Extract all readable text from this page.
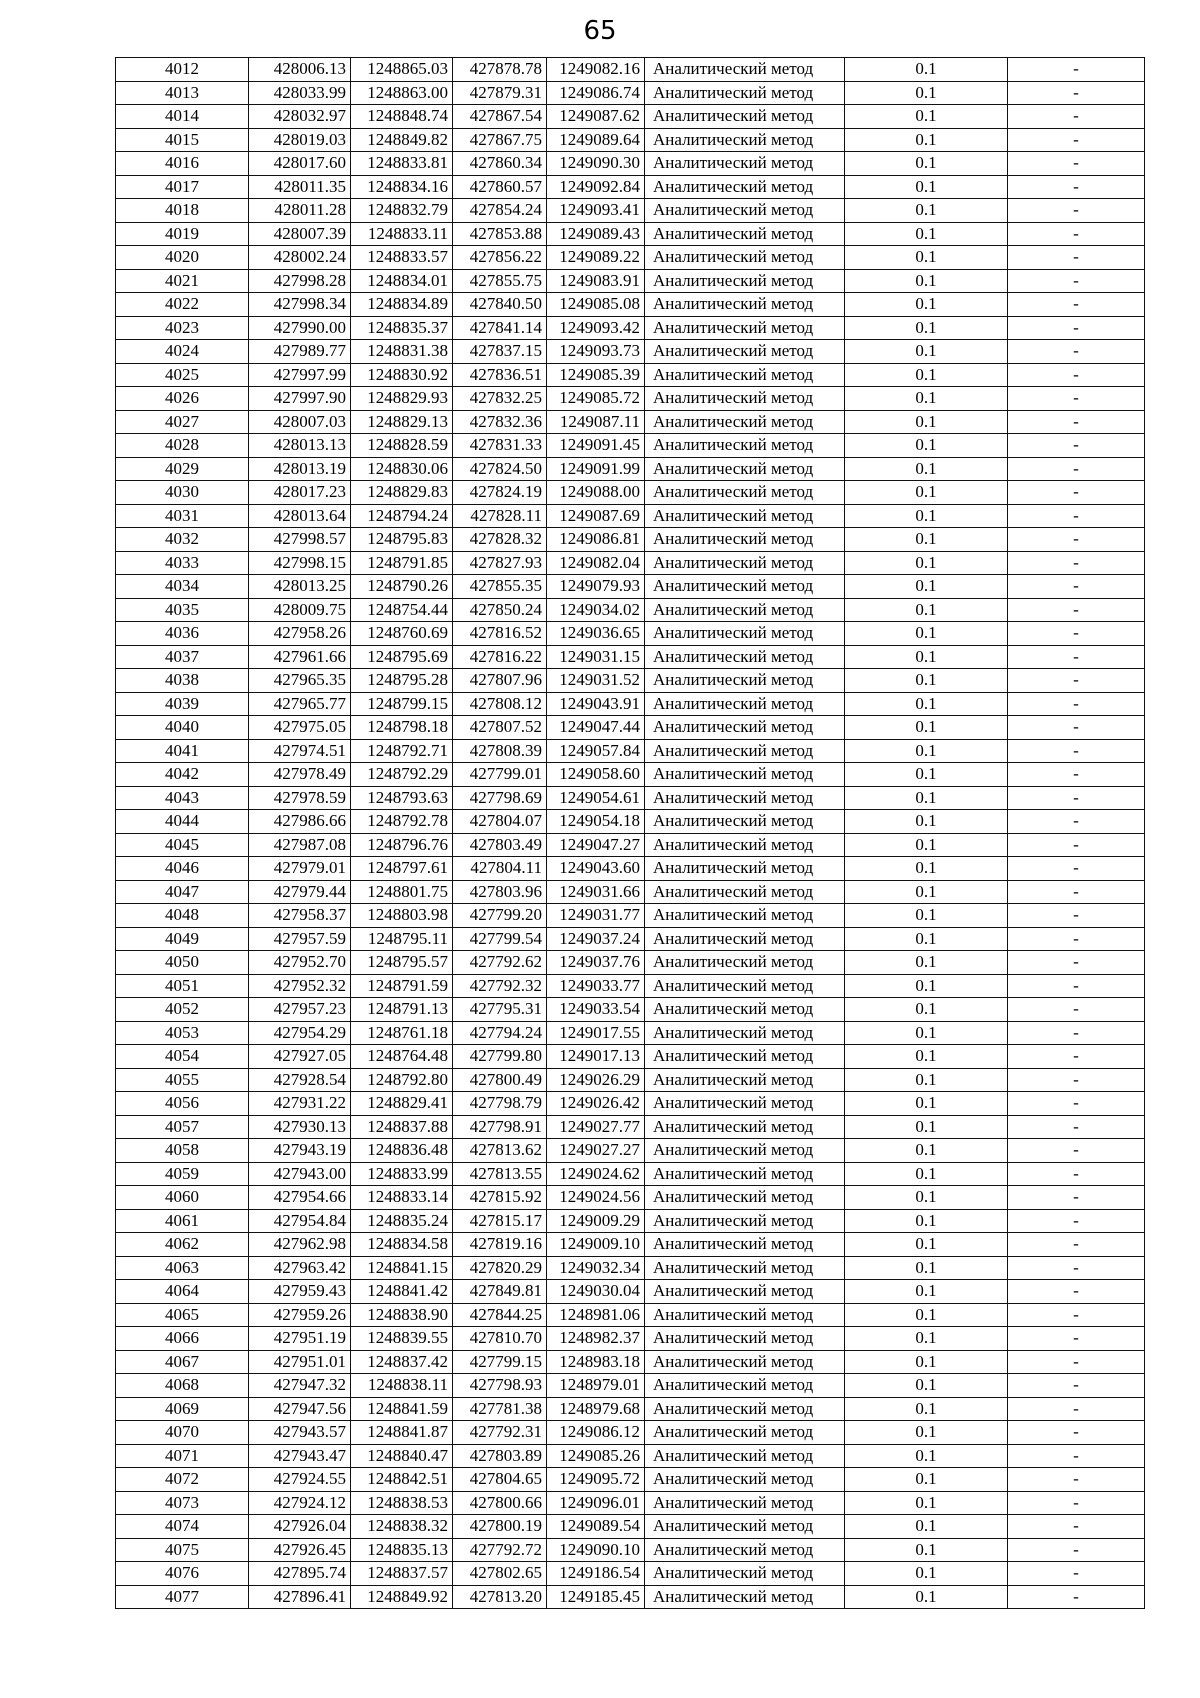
65
4012	428006.13	1248865.03	427878.78	1249082.16	Аналитический метод	0.1	-
4013	428033.99	1248863.00	427879.31	1249086.74	Аналитический метод	0.1	-
4014	428032.97	1248848.74	427867.54	1249087.62	Аналитический метод	0.1	-
4015	428019.03	1248849.82	427867.75	1249089.64	Аналитический метод	0.1	-
4016	428017.60	1248833.81	427860.34	1249090.30	Аналитический метод	0.1	-
4017	428011.35	1248834.16	427860.57	1249092.84	Аналитический метод	0.1	-
4018	428011.28	1248832.79	427854.24	1249093.41	Аналитический метод	0.1	-
4019	428007.39	1248833.11	427853.88	1249089.43	Аналитический метод	0.1	-
4020	428002.24	1248833.57	427856.22	1249089.22	Аналитический метод	0.1	-
4021	427998.28	1248834.01	427855.75	1249083.91	Аналитический метод	0.1	-
4022	427998.34	1248834.89	427840.50	1249085.08	Аналитический метод	0.1	-
4023	427990.00	1248835.37	427841.14	1249093.42	Аналитический метод	0.1	-
4024	427989.77	1248831.38	427837.15	1249093.73	Аналитический метод	0.1	-
4025	427997.99	1248830.92	427836.51	1249085.39	Аналитический метод	0.1	-
4026	427997.90	1248829.93	427832.25	1249085.72	Аналитический метод	0.1	-
4027	428007.03	1248829.13	427832.36	1249087.11	Аналитический метод	0.1	-
4028	428013.13	1248828.59	427831.33	1249091.45	Аналитический метод	0.1	-
4029	428013.19	1248830.06	427824.50	1249091.99	Аналитический метод	0.1	-
4030	428017.23	1248829.83	427824.19	1249088.00	Аналитический метод	0.1	-
4031	428013.64	1248794.24	427828.11	1249087.69	Аналитический метод	0.1	-
4032	427998.57	1248795.83	427828.32	1249086.81	Аналитический метод	0.1	-
4033	427998.15	1248791.85	427827.93	1249082.04	Аналитический метод	0.1	-
4034	428013.25	1248790.26	427855.35	1249079.93	Аналитический метод	0.1	-
4035	428009.75	1248754.44	427850.24	1249034.02	Аналитический метод	0.1	-
4036	427958.26	1248760.69	427816.52	1249036.65	Аналитический метод	0.1	-
4037	427961.66	1248795.69	427816.22	1249031.15	Аналитический метод	0.1	-
4038	427965.35	1248795.28	427807.96	1249031.52	Аналитический метод	0.1	-
4039	427965.77	1248799.15	427808.12	1249043.91	Аналитический метод	0.1	-
4040	427975.05	1248798.18	427807.52	1249047.44	Аналитический метод	0.1	-
4041	427974.51	1248792.71	427808.39	1249057.84	Аналитический метод	0.1	-
4042	427978.49	1248792.29	427799.01	1249058.60	Аналитический метод	0.1	-
4043	427978.59	1248793.63	427798.69	1249054.61	Аналитический метод	0.1	-
4044	427986.66	1248792.78	427804.07	1249054.18	Аналитический метод	0.1	-
4045	427987.08	1248796.76	427803.49	1249047.27	Аналитический метод	0.1	-
4046	427979.01	1248797.61	427804.11	1249043.60	Аналитический метод	0.1	-
4047	427979.44	1248801.75	427803.96	1249031.66	Аналитический метод	0.1	-
4048	427958.37	1248803.98	427799.20	1249031.77	Аналитический метод	0.1	-
4049	427957.59	1248795.11	427799.54	1249037.24	Аналитический метод	0.1	-
4050	427952.70	1248795.57	427792.62	1249037.76	Аналитический метод	0.1	-
4051	427952.32	1248791.59	427792.32	1249033.77	Аналитический метод	0.1	-
4052	427957.23	1248791.13	427795.31	1249033.54	Аналитический метод	0.1	-
4053	427954.29	1248761.18	427794.24	1249017.55	Аналитический метод	0.1	-
4054	427927.05	1248764.48	427799.80	1249017.13	Аналитический метод	0.1	-
4055	427928.54	1248792.80	427800.49	1249026.29	Аналитический метод	0.1	-
4056	427931.22	1248829.41	427798.79	1249026.42	Аналитический метод	0.1	-
4057	427930.13	1248837.88	427798.91	1249027.77	Аналитический метод	0.1	-
4058	427943.19	1248836.48	427813.62	1249027.27	Аналитический метод	0.1	-
4059	427943.00	1248833.99	427813.55	1249024.62	Аналитический метод	0.1	-
4060	427954.66	1248833.14	427815.92	1249024.56	Аналитический метод	0.1	-
4061	427954.84	1248835.24	427815.17	1249009.29	Аналитический метод	0.1	-
4062	427962.98	1248834.58	427819.16	1249009.10	Аналитический метод	0.1	-
4063	427963.42	1248841.15	427820.29	1249032.34	Аналитический метод	0.1	-
4064	427959.43	1248841.42	427849.81	1249030.04	Аналитический метод	0.1	-
4065	427959.26	1248838.90	427844.25	1248981.06	Аналитический метод	0.1	-
4066	427951.19	1248839.55	427810.70	1248982.37	Аналитический метод	0.1	-
4067	427951.01	1248837.42	427799.15	1248983.18	Аналитический метод	0.1	-
4068	427947.32	1248838.11	427798.93	1248979.01	Аналитический метод	0.1	-
4069	427947.56	1248841.59	427781.38	1248979.68	Аналитический метод	0.1	-
4070	427943.57	1248841.87	427792.31	1249086.12	Аналитический метод	0.1	-
4071	427943.47	1248840.47	427803.89	1249085.26	Аналитический метод	0.1	-
4072	427924.55	1248842.51	427804.65	1249095.72	Аналитический метод	0.1	-
4073	427924.12	1248838.53	427800.66	1249096.01	Аналитический метод	0.1	-
4074	427926.04	1248838.32	427800.19	1249089.54	Аналитический метод	0.1	-
4075	427926.45	1248835.13	427792.72	1249090.10	Аналитический метод	0.1	-
4076	427895.74	1248837.57	427802.65	1249186.54	Аналитический метод	0.1	-
4077	427896.41	1248849.92	427813.20	1249185.45	Аналитический метод	0.1	-
